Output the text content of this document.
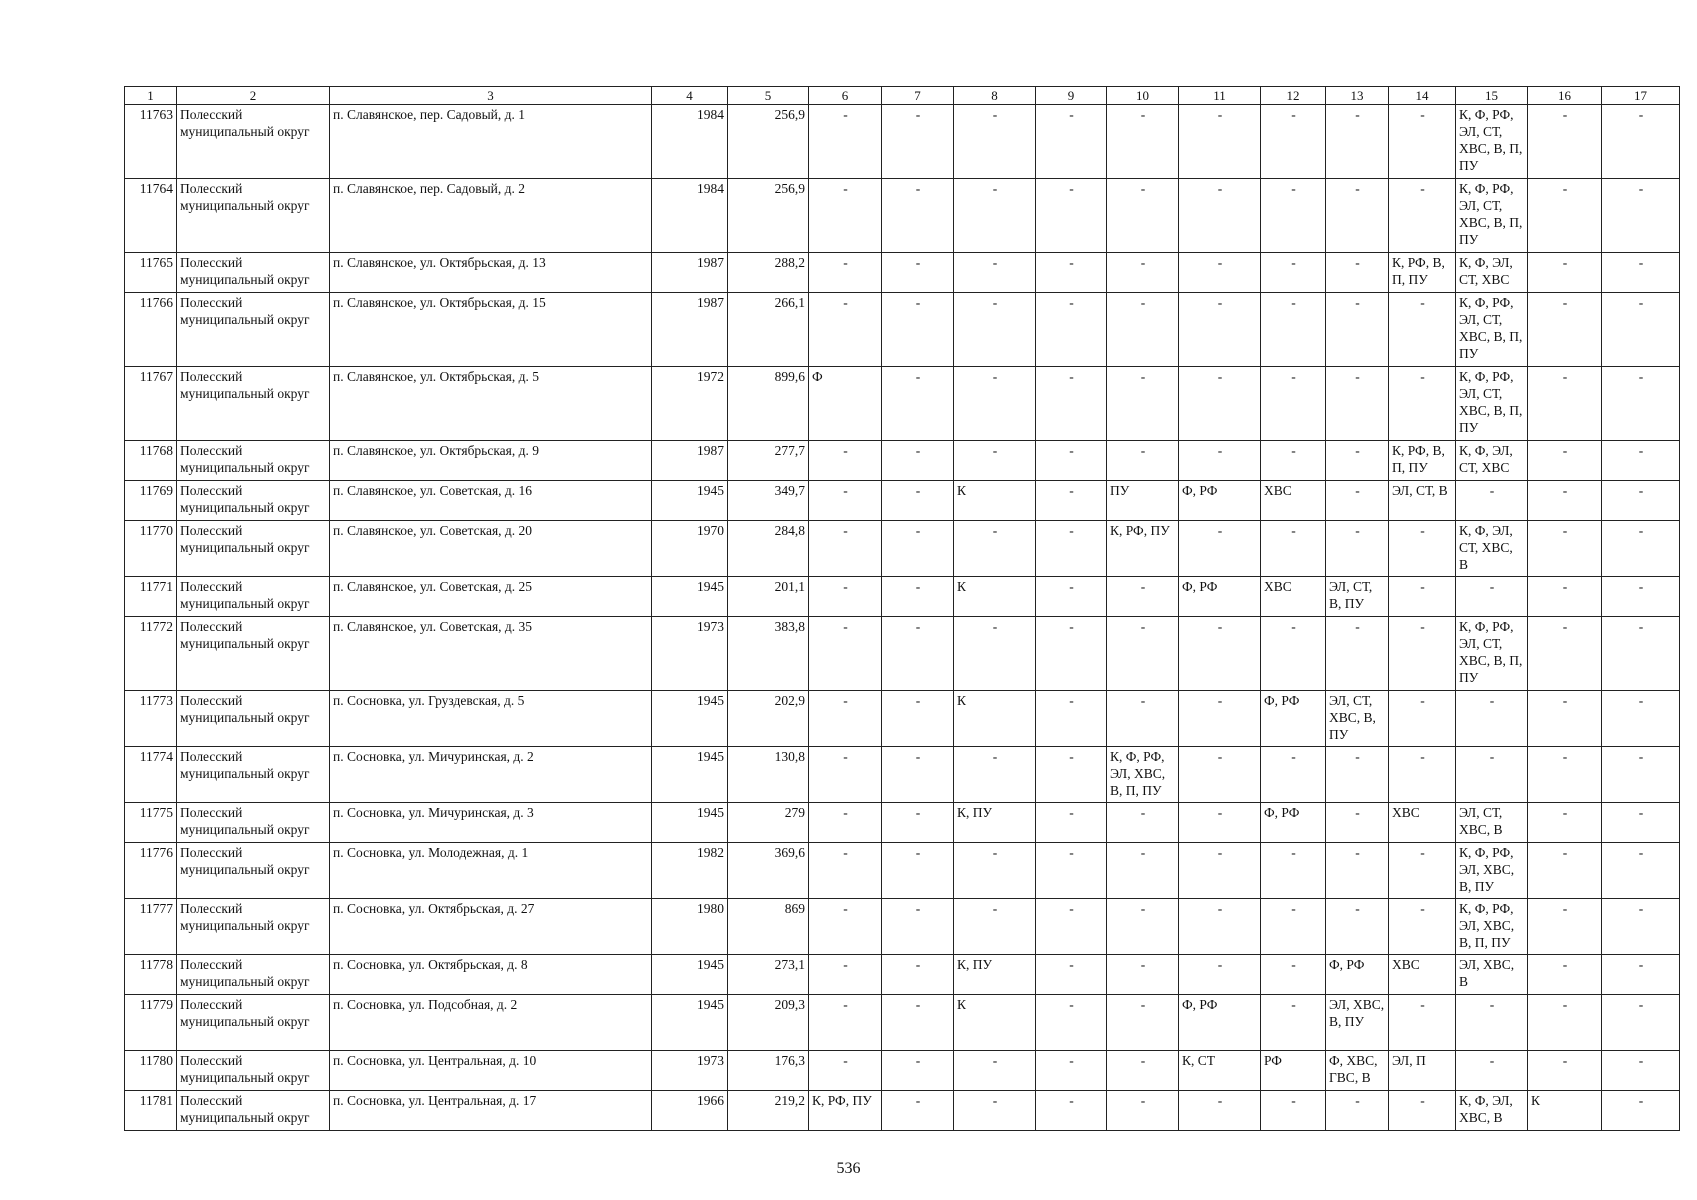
1	2	3	4	5	6	7	8	9	10	11	12	13	14	15	16	17
11763	Полесский муниципальный округ	п. Славянское, пер. Садовый, д. 1	1984	256,9	-	-	-	-	-	-	-	-	-	К, Ф, РФ, ЭЛ, СТ, ХВС, В, П, ПУ	-	-
11764	Полесский муниципальный округ	п. Славянское, пер. Садовый, д. 2	1984	256,9	-	-	-	-	-	-	-	-	-	К, Ф, РФ, ЭЛ, СТ, ХВС, В, П, ПУ	-	-
11765	Полесский муниципальный округ	п. Славянское, ул. Октябрьская, д. 13	1987	288,2	-	-	-	-	-	-	-	-	К, РФ, В, П, ПУ	К, Ф, ЭЛ, СТ, ХВС	-	-
11766	Полесский муниципальный округ	п. Славянское, ул. Октябрьская, д. 15	1987	266,1	-	-	-	-	-	-	-	-	-	К, Ф, РФ, ЭЛ, СТ, ХВС, В, П, ПУ	-	-
11767	Полесский муниципальный округ	п. Славянское, ул. Октябрьская, д. 5	1972	899,6	Ф	-	-	-	-	-	-	-	-	К, Ф, РФ, ЭЛ, СТ, ХВС, В, П, ПУ	-	-
11768	Полесский муниципальный округ	п. Славянское, ул. Октябрьская, д. 9	1987	277,7	-	-	-	-	-	-	-	-	К, РФ, В, П, ПУ	К, Ф, ЭЛ, СТ, ХВС	-	-
11769	Полесский муниципальный округ	п. Славянское, ул. Советская, д. 16	1945	349,7	-	-	К	-	ПУ	Ф, РФ	ХВС	-	ЭЛ, СТ, В	-	-	-
11770	Полесский муниципальный округ	п. Славянское, ул. Советская, д. 20	1970	284,8	-	-	-	-	К, РФ, ПУ	-	-	-	-	К, Ф, ЭЛ, СТ, ХВС, В	-	-
11771	Полесский муниципальный округ	п. Славянское, ул. Советская, д. 25	1945	201,1	-	-	К	-	-	Ф, РФ	ХВС	ЭЛ, СТ, В, ПУ	-	-	-	-
11772	Полесский муниципальный округ	п. Славянское, ул. Советская, д. 35	1973	383,8	-	-	-	-	-	-	-	-	-	К, Ф, РФ, ЭЛ, СТ, ХВС, В, П, ПУ	-	-
11773	Полесский муниципальный округ	п. Сосновка, ул. Груздевская, д. 5	1945	202,9	-	-	К	-	-	-	Ф, РФ	ЭЛ, СТ, ХВС, В, ПУ	-	-	-	-
11774	Полесский муниципальный округ	п. Сосновка, ул. Мичуринская, д. 2	1945	130,8	-	-	-	-	К, Ф, РФ, ЭЛ, ХВС, В, П, ПУ	-	-	-	-	-	-	-
11775	Полесский муниципальный округ	п. Сосновка, ул. Мичуринская, д. 3	1945	279	-	-	К, ПУ	-	-	-	Ф, РФ	-	ХВС	ЭЛ, СТ, ХВС, В	-	-
11776	Полесский муниципальный округ	п. Сосновка, ул. Молодежная, д. 1	1982	369,6	-	-	-	-	-	-	-	-	-	К, Ф, РФ, ЭЛ, ХВС, В, ПУ	-	-
11777	Полесский муниципальный округ	п. Сосновка, ул. Октябрьская, д. 27	1980	869	-	-	-	-	-	-	-	-	-	К, Ф, РФ, ЭЛ, ХВС, В, П, ПУ	-	-
11778	Полесский муниципальный округ	п. Сосновка, ул. Октябрьская, д. 8	1945	273,1	-	-	К, ПУ	-	-	-	-	Ф, РФ	ХВС	ЭЛ, ХВС, В	-	-
11779	Полесский муниципальный округ	п. Сосновка, ул. Подсобная, д. 2	1945	209,3	-	-	К	-	-	Ф, РФ	-	ЭЛ, ХВС, В, ПУ	-	-	-	-
11780	Полесский муниципальный округ	п. Сосновка, ул. Центральная, д. 10	1973	176,3	-	-	-	-	-	К, СТ	РФ	Ф, ХВС, ГВС, В	ЭЛ, П	-	-	-
11781	Полесский муниципальный округ	п. Сосновка, ул. Центральная, д. 17	1966	219,2	К, РФ, ПУ	-	-	-	-	-	-	-	-	К, Ф, ЭЛ, ХВС, В	К	-
536
